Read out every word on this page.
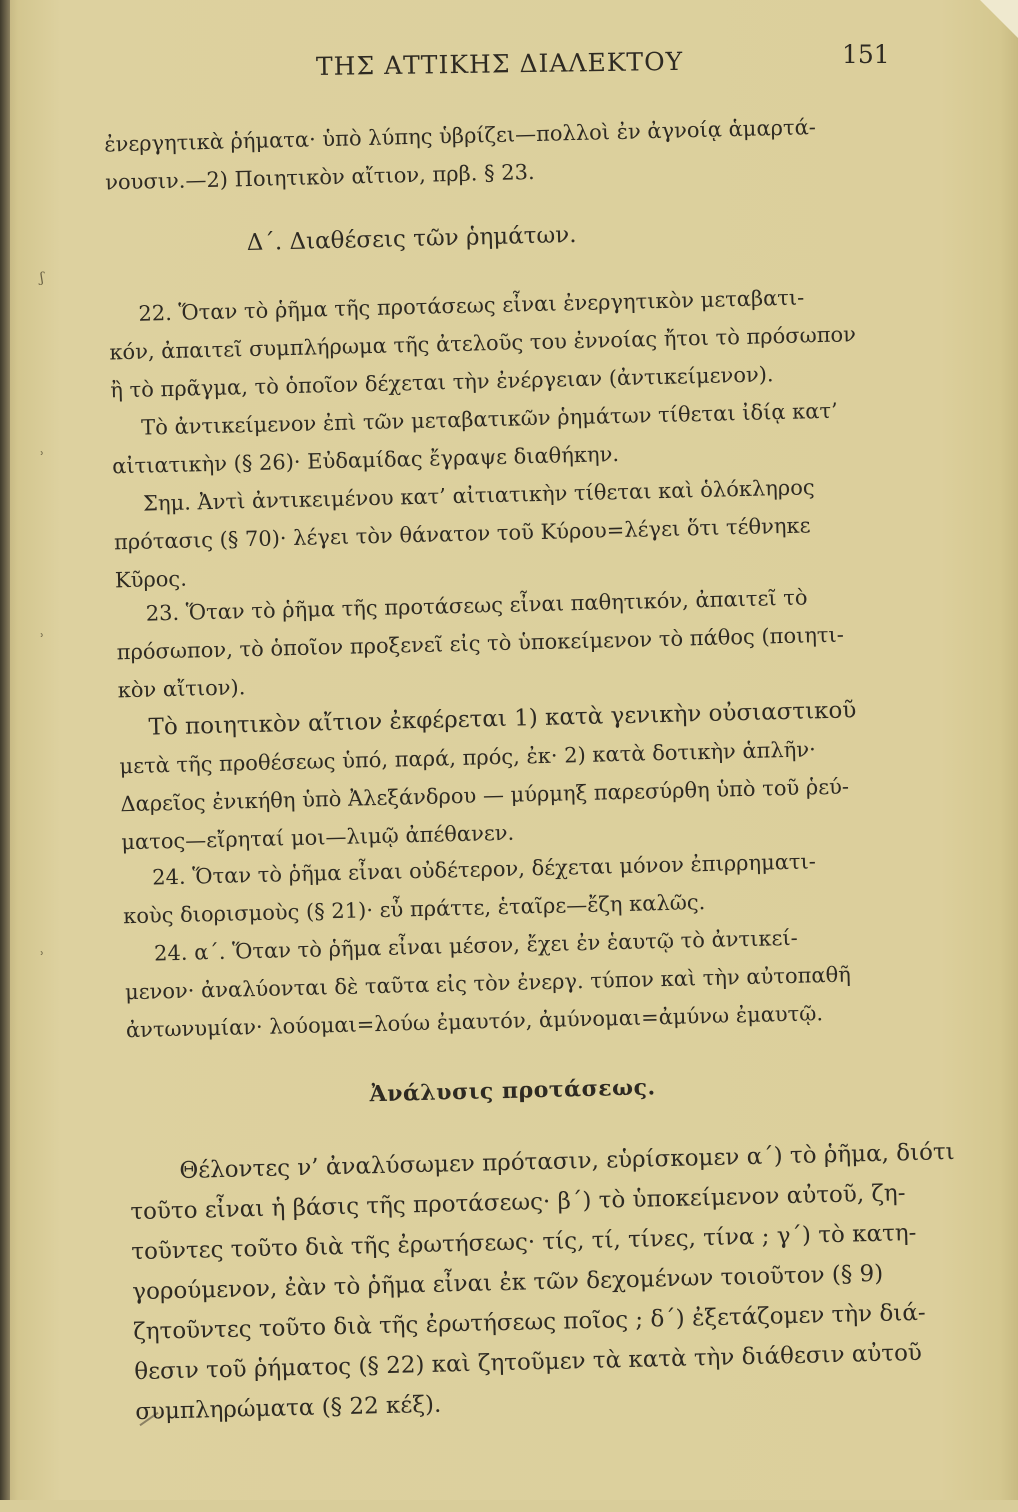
ΤΗΣ ΑΤΤΙΚΗΣ ΔΙΑΛΕΚΤΟΥ	151
ʃ
ʾ
ʾ
ʾ
ἐνεργητικὰ ῥήματα· ὑπὸ λύπης ὑβρίζει—πολλοὶ ἐν ἀγνοίᾳ ἁμαρτά-
νουσιν.—2) Ποιητικὸν αἴτιον, πρβ. § 23.
Δ΄. Διαθέσεις τῶν ῥημάτων.
22. Ὅταν τὸ ῥῆμα τῆς προτάσεως εἶναι ἐνεργητικὸν μεταβατι-
κόν, ἀπαιτεῖ συμπλήρωμα τῆς ἀτελοῦς του ἐννοίας ἤτοι τὸ πρόσωπον
ἢ τὸ πρᾶγμα, τὸ ὁποῖον δέχεται τὴν ἐνέργειαν (ἀντικείμενον).
Τὸ ἀντικείμενον ἐπὶ τῶν μεταβατικῶν ῥημάτων τίθεται ἰδίᾳ κατ’
αἰτιατικὴν (§ 26)· Εὐδαμίδας ἔγραψε διαθήκην.
Σημ. Ἀντὶ ἀντικειμένου κατ’ αἰτιατικὴν τίθεται καὶ ὁλόκληρος
πρότασις (§ 70)· λέγει τὸν θάνατον τοῦ Κύρου=λέγει ὅτι τέθνηκε
Κῦρος.
23. Ὅταν τὸ ῥῆμα τῆς προτάσεως εἶναι παθητικόν, ἀπαιτεῖ τὸ
πρόσωπον, τὸ ὁποῖον προξενεῖ εἰς τὸ ὑποκείμενον τὸ πάθος (ποιητι-
κὸν αἴτιον).
Τὸ ποιητικὸν αἴτιον ἐκφέρεται 1) κατὰ γενικὴν οὐσιαστικοῦ
μετὰ τῆς προθέσεως ὑπό, παρά, πρός, ἐκ· 2) κατὰ δοτικὴν ἁπλῆν·
Δαρεῖος ἐνικήθη ὑπὸ Ἀλεξάνδρου — μύρμηξ παρεσύρθη ὑπὸ τοῦ ῥεύ-
ματος—εἴρηταί μοι—λιμῷ ἀπέθανεν.
24. Ὅταν τὸ ῥῆμα εἶναι οὐδέτερον, δέχεται μόνον ἐπιρρηματι-
κοὺς διορισμοὺς (§ 21)· εὖ πράττε, ἑταῖρε—ἔζη καλῶς.
24. α΄. Ὅταν τὸ ῥῆμα εἶναι μέσον, ἔχει ἐν ἑαυτῷ τὸ ἀντικεί-
μενον· ἀναλύονται δὲ ταῦτα εἰς τὸν ἐνεργ. τύπον καὶ τὴν αὐτοπαθῆ
ἀντωνυμίαν· λούομαι=λούω ἐμαυτόν, ἀμύνομαι=ἀμύνω ἐμαυτῷ.
Ἀνάλυσις προτάσεως.
Θέλοντες ν’ ἀναλύσωμεν πρότασιν, εὑρίσκομεν α΄) τὸ ῥῆμα, διότι
τοῦτο εἶναι ἡ βάσις τῆς προτάσεως· β΄) τὸ ὑποκείμενον αὐτοῦ, ζη-
τοῦντες τοῦτο διὰ τῆς ἐρωτήσεως· τίς, τί, τίνες, τίνα ; γ΄) τὸ κατη-
γορούμενον, ἐὰν τὸ ῥῆμα εἶναι ἐκ τῶν δεχομένων τοιοῦτον (§ 9)
ζητοῦντες τοῦτο διὰ τῆς ἐρωτήσεως ποῖος ; δ΄) ἐξετάζομεν τὴν διά-
θεσιν τοῦ ῥήματος (§ 22) καὶ ζητοῦμεν τὰ κατὰ τὴν διάθεσιν αὐτοῦ
συμπληρώματα (§ 22 κέξ).
